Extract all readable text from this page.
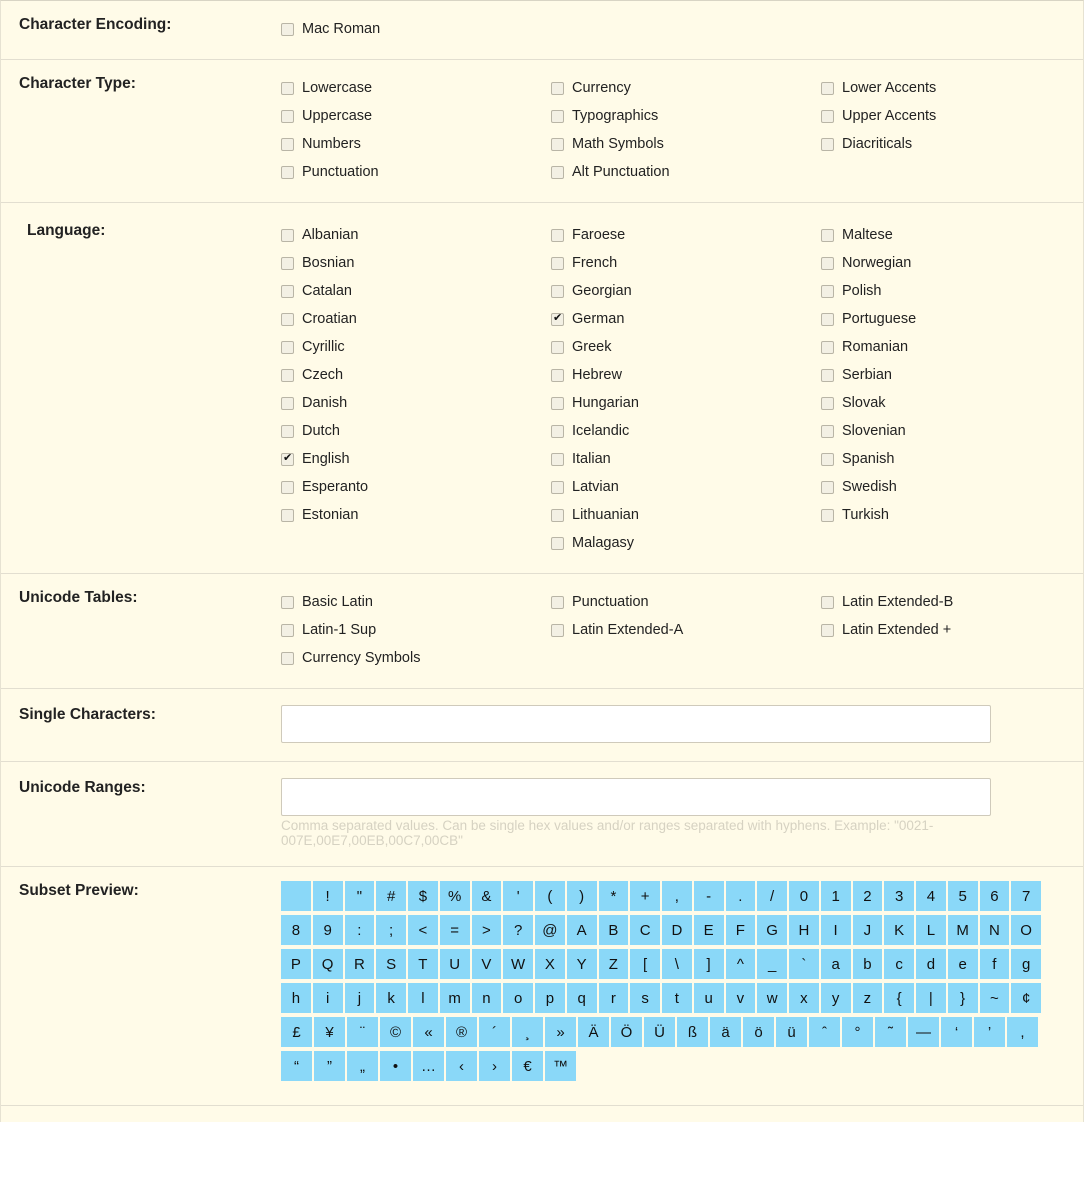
Character Encoding:	Mac Roman
Character Type:	Lowercase
Uppercase
Numbers
Punctuation
Currency
Typographics
Math Symbols
Alt Punctuation
Lower Accents
Upper Accents
Diacriticals
Language:	Albanian
Bosnian
Catalan
Croatian
Cyrillic
Czech
Danish
Dutch
✔
English
Esperanto
Estonian
Faroese
French
Georgian
✔
German
Greek
Hebrew
Hungarian
Icelandic
Italian
Latvian
Lithuanian
Malagasy
Maltese
Norwegian
Polish
Portuguese
Romanian
Serbian
Slovak
Slovenian
Spanish
Swedish
Turkish
Unicode Tables:	Basic Latin
Latin-1 Sup
Currency Symbols
Punctuation
Latin Extended-A
Latin Extended-B
Latin Extended +
Single Characters:
Unicode Ranges:
Comma separated values. Can be single hex values and/or ranges separated with hyphens. Example: "0021-007E,00E7,00EB,00C7,00CB"
Subset Preview:	!	"	#	$	%	&	'	(	)	*	+	,	-	.	/	0	1	2	3	4	5	6	7
8	9	:	;	<	=	>	?	@	A	B	C	D	E	F	G	H	I	J	K	L	M	N	O
P	Q	R	S	T	U	V	W	X	Y	Z	[	\	]	^	_	`	a	b	c	d	e	f	g
h	i	j	k	l	m	n	o	p	q	r	s	t	u	v	w	x	y	z	{	|	}	~	¢
£	¥	¨	©	«	®	´	¸	»	Ä	Ö	Ü	ß	ä	ö	ü	ˆ	°	˜	—	‘	’	,
“	”	„	•	…	‹	›	€	™
